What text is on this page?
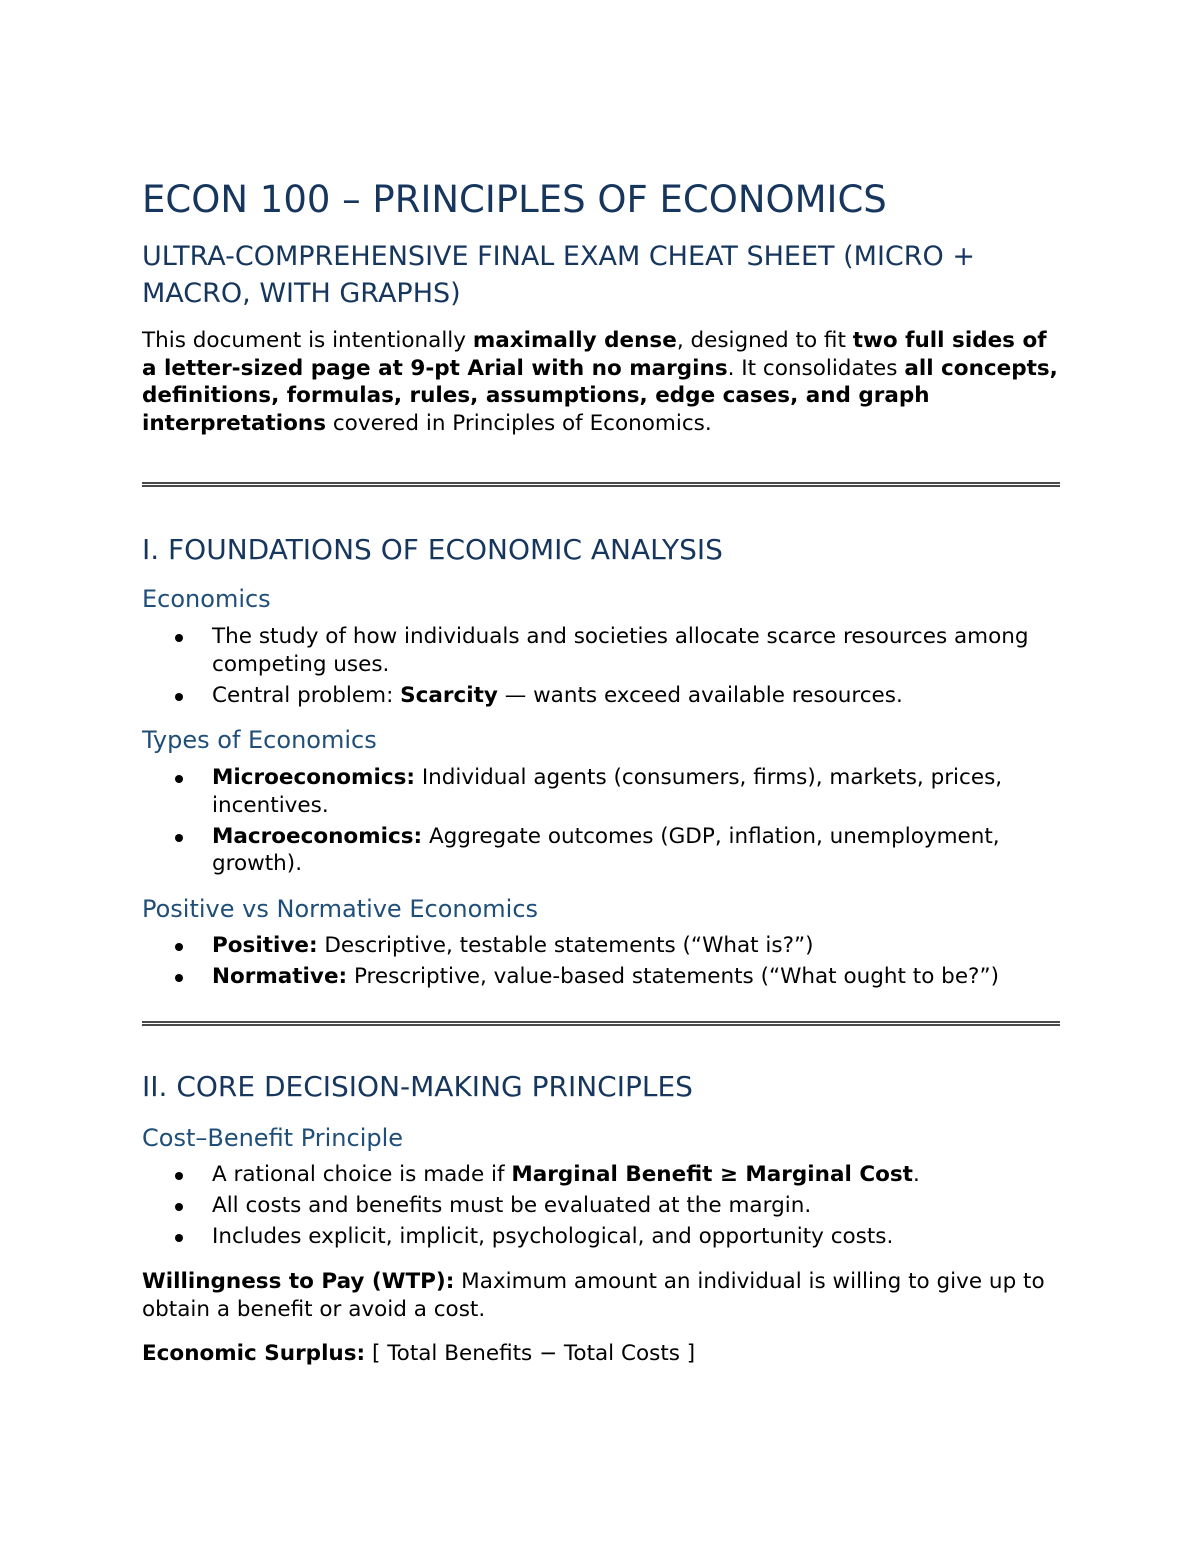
ECON 100 – PRINCIPLES OF ECONOMICS
ULTRA-COMPREHENSIVE FINAL EXAM CHEAT SHEET (MICRO + MACRO, WITH GRAPHS)

This document is intentionally maximally dense, designed to fit two full sides of a letter-sized page at 9-pt Arial with no margins. It consolidates all concepts, definitions, formulas, rules, assumptions, edge cases, and graph interpretations covered in Principles of Economics.

I. FOUNDATIONS OF ECONOMIC ANALYSIS
Economics
The study of how individuals and societies allocate scarce resources among competing uses.
Central problem: Scarcity — wants exceed available resources.
Types of Economics
Microeconomics: Individual agents (consumers, firms), markets, prices, incentives.
Macroeconomics: Aggregate outcomes (GDP, inflation, unemployment, growth).
Positive vs Normative Economics
Positive: Descriptive, testable statements (“What is?”)
Normative: Prescriptive, value-based statements (“What ought to be?”)
II. CORE DECISION-MAKING PRINCIPLES
Cost–Benefit Principle
A rational choice is made if Marginal Benefit ≥ Marginal Cost.
All costs and benefits must be evaluated at the margin.
Includes explicit, implicit, psychological, and opportunity costs.

Willingness to Pay (WTP): Maximum amount an individual is willing to give up to obtain a benefit or avoid a cost.

Economic Surplus: [ Total Benefits − Total Costs ]
